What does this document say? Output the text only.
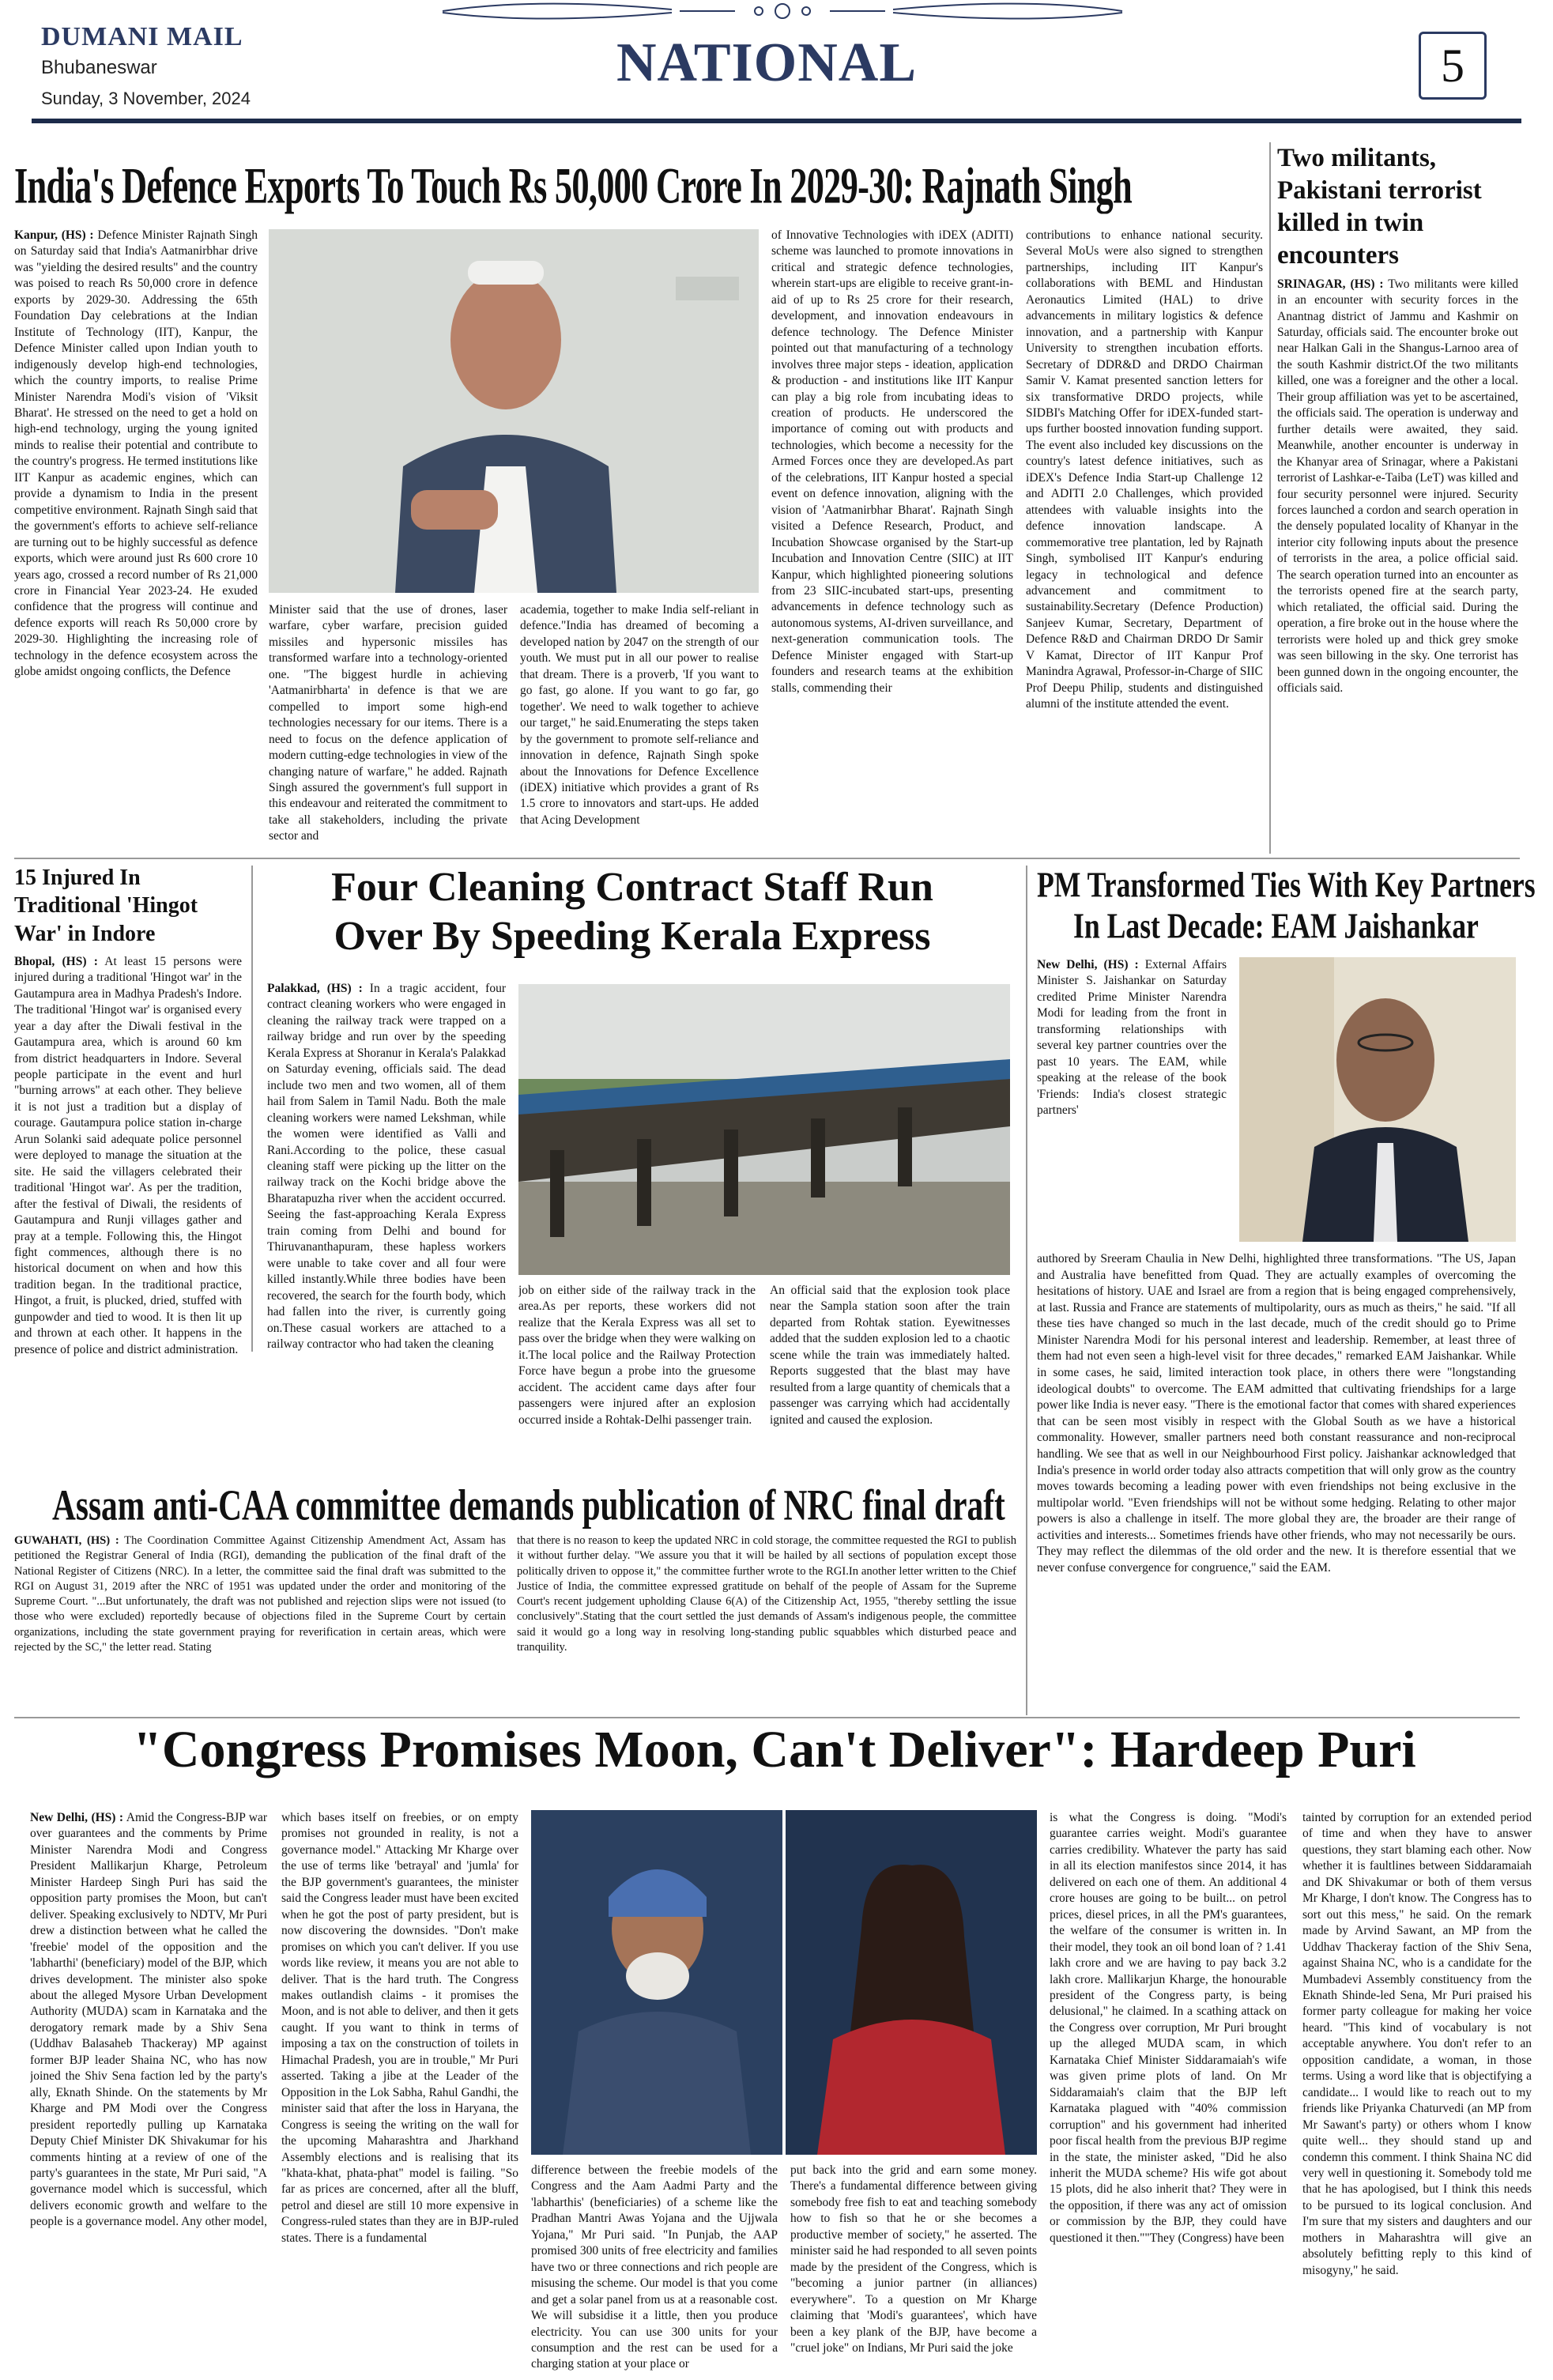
DUMANI MAIL
Bhubaneswar
Sunday, 3 November, 2024
NATIONAL	5
India's Defence Exports To Touch Rs 50,000 Crore In 2029-30: Rajnath Singh
Kanpur, (HS) : Defence Minister Rajnath Singh on Saturday said that India's Aatmanirbhar drive was "yielding the desired results" and the country was poised to reach Rs 50,000 crore in defence exports by 2029-30. Addressing the 65th Foundation Day celebrations at the Indian Institute of Technology (IIT), Kanpur, the Defence Minister called upon Indian youth to indigenously develop high-end technologies, which the country imports, to realise Prime Minister Narendra Modi's vision of 'Viksit Bharat'. He stressed on the need to get a hold on high-end technology, urging the young ignited minds to realise their potential and contribute to the country's progress. He termed institutions like IIT Kanpur as academic engines, which can provide a dynamism to India in the present competitive environment. Rajnath Singh said that the government's efforts to achieve self-reliance are turning out to be highly successful as defence exports, which were around just Rs 600 crore 10 years ago, crossed a record number of Rs 21,000 crore in Financial Year 2023-24. He exuded confidence that the progress will continue and defence exports will reach Rs 50,000 crore by 2029-30. Highlighting the increasing role of technology in the defence ecosystem across the globe amidst ongoing conflicts, the Defence
Minister said that the use of drones, laser warfare, cyber warfare, precision guided missiles and hypersonic missiles has transformed warfare into a technology-oriented one. "The biggest hurdle in achieving 'Aatmanirbharta' in defence is that we are compelled to import some high-end technologies necessary for our items. There is a need to focus on the defence application of modern cutting-edge technologies in view of the changing nature of warfare," he added. Rajnath Singh assured the government's full support in this endeavour and reiterated the commitment to take all stakeholders, including the private sector and
academia, together to make India self-reliant in defence."India has dreamed of becoming a developed nation by 2047 on the strength of our youth. We must put in all our power to realise that dream. There is a proverb, 'If you want to go fast, go alone. If you want to go far, go together'. We need to walk together to achieve our target," he said.Enumerating the steps taken by the government to promote self-reliance and innovation in defence, Rajnath Singh spoke about the Innovations for Defence Excellence (iDEX) initiative which provides a grant of Rs 1.5 crore to innovators and start-ups. He added that Acing Development
of Innovative Technologies with iDEX (ADITI) scheme was launched to promote innovations in critical and strategic defence technologies, wherein start-ups are eligible to receive grant-in-aid of up to Rs 25 crore for their research, development, and innovation endeavours in defence technology. The Defence Minister pointed out that manufacturing of a technology involves three major steps - ideation, application & production - and institutions like IIT Kanpur can play a big role from incubating ideas to creation of products. He underscored the importance of coming out with products and technologies, which become a necessity for the Armed Forces once they are developed.As part of the celebrations, IIT Kanpur hosted a special event on defence innovation, aligning with the vision of 'Aatmanirbhar Bharat'. Rajnath Singh visited a Defence Research, Product, and Incubation Showcase organised by the Start-up Incubation and Innovation Centre (SIIC) at IIT Kanpur, which highlighted pioneering solutions from 23 SIIC-incubated start-ups, presenting advancements in defence technology such as autonomous systems, AI-driven surveillance, and next-generation communication tools. The Defence Minister engaged with Start-up founders and research teams at the exhibition stalls, commending their
contributions to enhance national security. Several MoUs were also signed to strengthen partnerships, including IIT Kanpur's collaborations with BEML and Hindustan Aeronautics Limited (HAL) to drive advancements in military logistics & defence innovation, and a partnership with Kanpur University to strengthen incubation efforts. Secretary of DDR&D and DRDO Chairman Samir V. Kamat presented sanction letters for six transformative DRDO projects, while SIDBI's Matching Offer for iDEX-funded start-ups further boosted innovation funding support. The event also included key discussions on the country's latest defence initiatives, such as iDEX's Defence India Start-up Challenge 12 and ADITI 2.0 Challenges, which provided attendees with valuable insights into the defence innovation landscape. A commemorative tree plantation, led by Rajnath Singh, symbolised IIT Kanpur's enduring legacy in technological and defence advancement and commitment to sustainability.Secretary (Defence Production) Sanjeev Kumar, Secretary, Department of Defence R&D and Chairman DRDO Dr Samir V Kamat, Director of IIT Kanpur Prof Manindra Agrawal, Professor-in-Charge of SIIC Prof Deepu Philip, students and distinguished alumni of the institute attended the event.
Two militants, Pakistani terrorist killed in twin encounters
SRINAGAR, (HS) : Two militants were killed in an encounter with security forces in the Anantnag district of Jammu and Kashmir on Saturday, officials said. The encounter broke out near Halkan Gali in the Shangus-Larnoo area of the south Kashmir district.Of the two militants killed, one was a foreigner and the other a local. Their group affiliation was yet to be ascertained, the officials said. The operation is underway and further details were awaited, they said. Meanwhile, another encounter is underway in the Khanyar area of Srinagar, where a Pakistani terrorist of Lashkar-e-Taiba (LeT) was killed and four security personnel were injured. Security forces launched a cordon and search operation in the densely populated locality of Khanyar in the interior city following inputs about the presence of terrorists in the area, a police official said. The search operation turned into an encounter as the terrorists opened fire at the search party, which retaliated, the official said. During the operation, a fire broke out in the house where the terrorists were holed up and thick grey smoke was seen billowing in the sky. One terrorist has been gunned down in the ongoing encounter, the officials said.
15 Injured In Traditional 'Hingot War' in Indore
Bhopal, (HS) : At least 15 persons were injured during a traditional 'Hingot war' in the Gautampura area in Madhya Pradesh's Indore. The traditional 'Hingot war' is organised every year a day after the Diwali festival in the Gautampura area, which is around 60 km from district headquarters in Indore. Several people participate in the event and hurl "burning arrows" at each other. They believe it is not just a tradition but a display of courage. Gautampura police station in-charge Arun Solanki said adequate police personnel were deployed to manage the situation at the site. He said the villagers celebrated their traditional 'Hingot war'. As per the tradition, after the festival of Diwali, the residents of Gautampura and Runji villages gather and pray at a temple. Following this, the Hingot fight commences, although there is no historical document on when and how this tradition began. In the traditional practice, Hingot, a fruit, is plucked, dried, stuffed with gunpowder and tied to wood. It is then lit up and thrown at each other. It happens in the presence of police and district administration.
Four Cleaning Contract Staff Run
Over By Speeding Kerala Express
Palakkad, (HS) : In a tragic accident, four contract cleaning workers who were engaged in cleaning the railway track were trapped on a railway bridge and run over by the speeding Kerala Express at Shoranur in Kerala's Palakkad on Saturday evening, officials said. The dead include two men and two women, all of them hail from Salem in Tamil Nadu. Both the male cleaning workers were named Lekshman, while the women were identified as Valli and Rani.According to the police, these casual cleaning staff were picking up the litter on the railway track on the Kochi bridge above the Bharatapuzha river when the accident occurred. Seeing the fast-approaching Kerala Express train coming from Delhi and bound for Thiruvananthapuram, these hapless workers were unable to take cover and all four were killed instantly.While three bodies have been recovered, the search for the fourth body, which had fallen into the river, is currently going on.These casual workers are attached to a railway contractor who had taken the cleaning
job on either side of the railway track in the area.As per reports, these workers did not realize that the Kerala Express was all set to pass over the bridge when they were walking on it.The local police and the Railway Protection Force have begun a probe into the gruesome accident. The accident came days after four passengers were injured after an explosion occurred inside a Rohtak-Delhi passenger train.
An official said that the explosion took place near the Sampla station soon after the train departed from Rohtak station. Eyewitnesses added that the sudden explosion led to a chaotic scene while the train was immediately halted. Reports suggested that the blast may have resulted from a large quantity of chemicals that a passenger was carrying which had accidentally ignited and caused the explosion.
PM Transformed Ties With Key Partners
In Last Decade: EAM Jaishankar
New Delhi, (HS) : External Affairs Minister S. Jaishankar on Saturday credited Prime Minister Narendra Modi for leading from the front in transforming relationships with several key partner countries over the past 10 years. The EAM, while speaking at the release of the book 'Friends: India's closest strategic partners'
authored by Sreeram Chaulia in New Delhi, highlighted three transformations. "The US, Japan and Australia have benefitted from Quad. They are actually examples of overcoming the hesitations of history. UAE and Israel are from a region that is being engaged comprehensively, at last. Russia and France are statements of multipolarity, ours as much as theirs," he said. "If all these ties have changed so much in the last decade, much of the credit should go to Prime Minister Narendra Modi for his personal interest and leadership. Remember, at least three of them had not even seen a high-level visit for three decades," remarked EAM Jaishankar. While in some cases, he said, limited interaction took place, in others there were "longstanding ideological doubts" to overcome. The EAM admitted that cultivating friendships for a large power like India is never easy. "There is the emotional factor that comes with shared experiences that can be seen most visibly in respect with the Global South as we have a historical commonality. However, smaller partners need both constant reassurance and non-reciprocal handling. We see that as well in our Neighbourhood First policy. Jaishankar acknowledged that India's presence in world order today also attracts competition that will only grow as the country moves towards becoming a leading power with even friendships not being exclusive in the multipolar world. "Even friendships will not be without some hedging. Relating to other major powers is also a challenge in itself. The more global they are, the broader are their range of activities and interests... Sometimes friends have other friends, who may not necessarily be ours. They may reflect the dilemmas of the old order and the new. It is therefore essential that we never confuse convergence for congruence," said the EAM.
Assam anti-CAA committee demands publication of NRC final draft
GUWAHATI, (HS) : The Coordination Committee Against Citizenship Amendment Act, Assam has petitioned the Registrar General of India (RGI), demanding the publication of the final draft of the National Register of Citizens (NRC). In a letter, the committee said the final draft was submitted to the RGI on August 31, 2019 after the NRC of 1951 was updated under the order and monitoring of the Supreme Court. "...But unfortunately, the draft was not published and rejection slips were not issued (to those who were excluded) reportedly because of objections filed in the Supreme Court by certain organizations, including the state government praying for reverification in certain areas, which were rejected by the SC," the letter read. Stating
that there is no reason to keep the updated NRC in cold storage, the committee requested the RGI to publish it without further delay. "We assure you that it will be hailed by all sections of population except those politically driven to oppose it," the committee further wrote to the RGI.In another letter written to the Chief Justice of India, the committee expressed gratitude on behalf of the people of Assam for the Supreme Court's recent judgement upholding Clause 6(A) of the Citizenship Act, 1955, "thereby settling the issue conclusively".Stating that the court settled the just demands of Assam's indigenous people, the committee said it would go a long way in resolving long-standing public squabbles which disturbed peace and tranquility.
"Congress Promises Moon, Can't Deliver": Hardeep Puri
New Delhi, (HS) : Amid the Congress-BJP war over guarantees and the comments by Prime Minister Narendra Modi and Congress President Mallikarjun Kharge, Petroleum Minister Hardeep Singh Puri has said the opposition party promises the Moon, but can't deliver. Speaking exclusively to NDTV, Mr Puri drew a distinction between what he called the 'freebie' model of the opposition and the 'labharthi' (beneficiary) model of the BJP, which drives development. The minister also spoke about the alleged Mysore Urban Development Authority (MUDA) scam in Karnataka and the derogatory remark made by a Shiv Sena (Uddhav Balasaheb Thackeray) MP against former BJP leader Shaina NC, who has now joined the Shiv Sena faction led by the party's ally, Eknath Shinde. On the statements by Mr Kharge and PM Modi over the Congress president reportedly pulling up Karnataka Deputy Chief Minister DK Shivakumar for his comments hinting at a review of one of the party's guarantees in the state, Mr Puri said, "A governance model which is successful, which delivers economic growth and welfare to the people is a governance model. Any other model,
which bases itself on freebies, or on empty promises not grounded in reality, is not a governance model." Attacking Mr Kharge over the use of terms like 'betrayal' and 'jumla' for the BJP government's guarantees, the minister said the Congress leader must have been excited when he got the post of party president, but is now discovering the downsides. "Don't make promises on which you can't deliver. If you use words like review, it means you are not able to deliver. That is the hard truth. The Congress makes outlandish claims - it promises the Moon, and is not able to deliver, and then it gets caught. If you want to think in terms of imposing a tax on the construction of toilets in Himachal Pradesh, you are in trouble," Mr Puri asserted. Taking a jibe at the Leader of the Opposition in the Lok Sabha, Rahul Gandhi, the minister said that after the loss in Haryana, the Congress is seeing the writing on the wall for the upcoming Maharashtra and Jharkhand Assembly elections and is realising that its "khata-khat, phata-phat" model is failing. "So far as prices are concerned, after all the bluff, petrol and diesel are still 10 more expensive in Congress-ruled states than they are in BJP-ruled states. There is a fundamental
difference between the freebie models of the Congress and the Aam Aadmi Party and the 'labharthis' (beneficiaries) of a scheme like the Pradhan Mantri Awas Yojana and the Ujjwala Yojana," Mr Puri said. "In Punjab, the AAP promised 300 units of free electricity and families have two or three connections and rich people are misusing the scheme. Our model is that you come and get a solar panel from us at a reasonable cost. We will subsidise it a little, then you produce electricity. You can use 300 units for your consumption and the rest can be used for a charging station at your place or
put back into the grid and earn some money. There's a fundamental difference between giving somebody free fish to eat and teaching somebody how to fish so that he or she becomes a productive member of society," he asserted. The minister said he had responded to all seven points made by the president of the Congress, which is "becoming a junior partner (in alliances) everywhere". To a question on Mr Kharge claiming that 'Modi's guarantees', which have been a key plank of the BJP, have become a "cruel joke" on Indians, Mr Puri said the joke
is what the Congress is doing. "Modi's guarantee carries weight. Modi's guarantee carries credibility. Whatever the party has said in all its election manifestos since 2014, it has delivered on each one of them. An additional 4 crore houses are going to be built... on petrol prices, diesel prices, in all the PM's guarantees, the welfare of the consumer is written in. In their model, they took an oil bond loan of ? 1.41 lakh crore and we are having to pay back 3.2 lakh crore. Mallikarjun Kharge, the honourable president of the Congress party, is being delusional," he claimed. In a scathing attack on the Congress over corruption, Mr Puri brought up the alleged MUDA scam, in which Karnataka Chief Minister Siddaramaiah's wife was given prime plots of land. On Mr Siddaramaiah's claim that the BJP left Karnataka plagued with "40% commission corruption" and his government had inherited poor fiscal health from the previous BJP regime in the state, the minister asked, "Did he also inherit the MUDA scheme? His wife got about 15 plots, did he also inherit that? They were in the opposition, if there was any act of omission or commission by the BJP, they could have questioned it then.""They (Congress) have been
tainted by corruption for an extended period of time and when they have to answer questions, they start blaming each other. Now whether it is faultlines between Siddaramaiah and DK Shivakumar or both of them versus Mr Kharge, I don't know. The Congress has to sort out this mess," he said. On the remark made by Arvind Sawant, an MP from the Uddhav Thackeray faction of the Shiv Sena, against Shaina NC, who is a candidate for the Mumbadevi Assembly constituency from the Eknath Shinde-led Sena, Mr Puri praised his former party colleague for making her voice heard. "This kind of vocabulary is not acceptable anywhere. You don't refer to an opposition candidate, a woman, in those terms. Using a word like that is objectifying a candidate... I would like to reach out to my friends like Priyanka Chaturvedi (an MP from Mr Sawant's party) or others whom I know quite well... they should stand up and condemn this comment. I think Shaina NC did very well in questioning it. Somebody told me that he has apologised, but I think this needs to be pursued to its logical conclusion. And I'm sure that my sisters and daughters and our mothers in Maharashtra will give an absolutely befitting reply to this kind of misogyny," he said.
